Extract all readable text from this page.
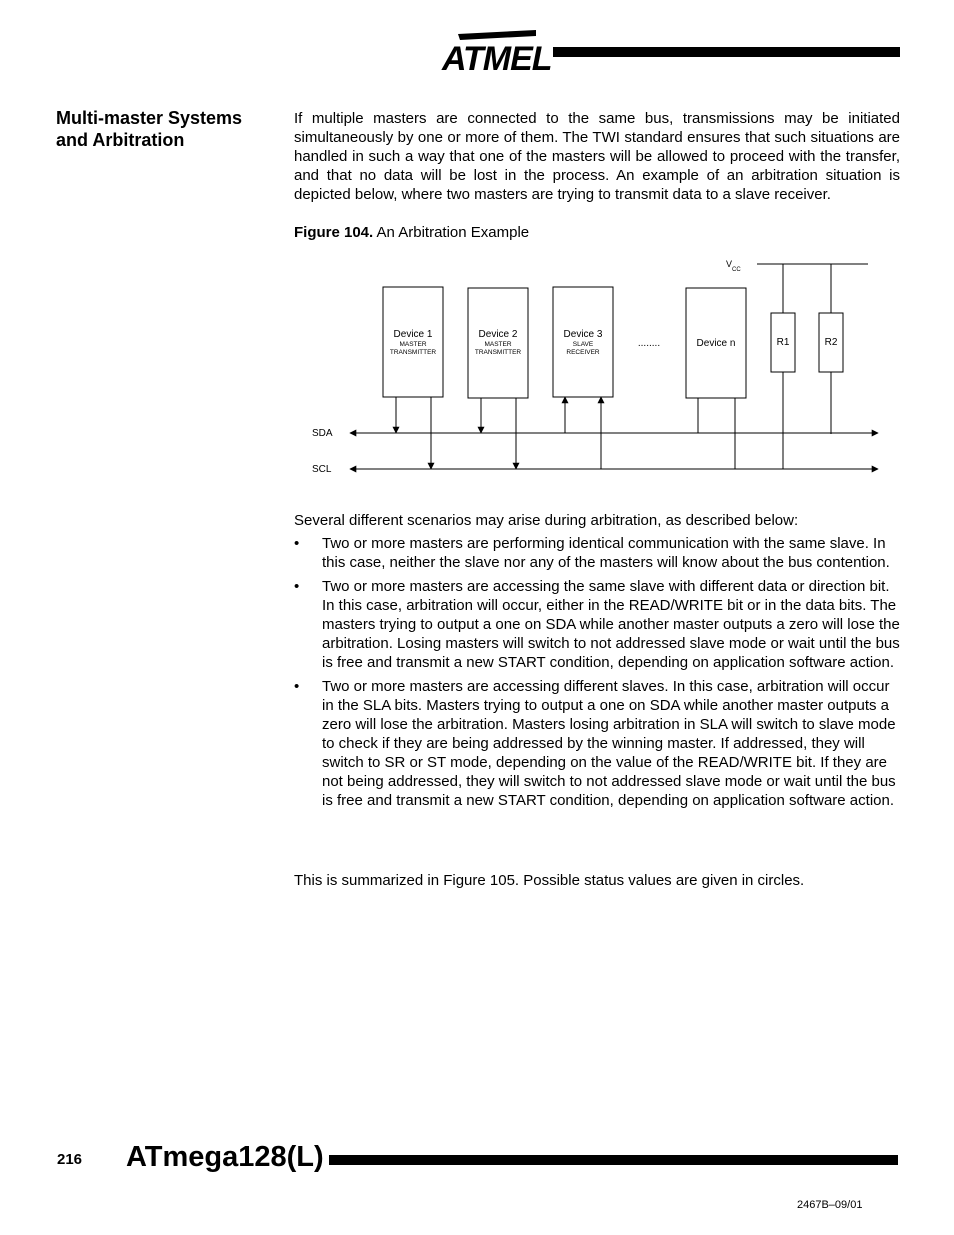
ATMEL
Multi-master Systems and Arbitration
If multiple masters are connected to the same bus, transmissions may be initiated simultaneously by one or more of them. The TWI standard ensures that such situations are handled in such a way that one of the masters will be allowed to proceed with the transfer, and that no data will be lost in the process. An example of an arbitration situation is depicted below, where two masters are trying to transmit data to a slave receiver.
Figure 104. An Arbitration Example
V
CC
Device 1
MASTER
TRANSMITTER
Device 2
MASTER
TRANSMITTER
Device 3
SLAVE
RECEIVER
........	Device n	R1	R2
SDA
SCL
Several different scenarios may arise during arbitration, as described below:
• Two or more masters are performing identical communication with the same slave. In this case, neither the slave nor any of the masters will know about the bus contention.
• Two or more masters are accessing the same slave with different data or direction bit. In this case, arbitration will occur, either in the READ/WRITE bit or in the data bits. The masters trying to output a one on SDA while another master outputs a zero will lose the arbitration. Losing masters will switch to not addressed slave mode or wait until the bus is free and transmit a new START condition, depending on application software action.
• Two or more masters are accessing different slaves. In this case, arbitration will occur in the SLA bits. Masters trying to output a one on SDA while another master outputs a zero will lose the arbitration. Masters losing arbitration in SLA will switch to slave mode to check if they are being addressed by the winning master. If addressed, they will switch to SR or ST mode, depending on the value of the READ/WRITE bit. If they are not being addressed, they will switch to not addressed slave mode or wait until the bus is free and transmit a new START condition, depending on application software action.
This is summarized in Figure 105. Possible status values are given in circles.
216 ATmega128(L)
2467B–09/01
